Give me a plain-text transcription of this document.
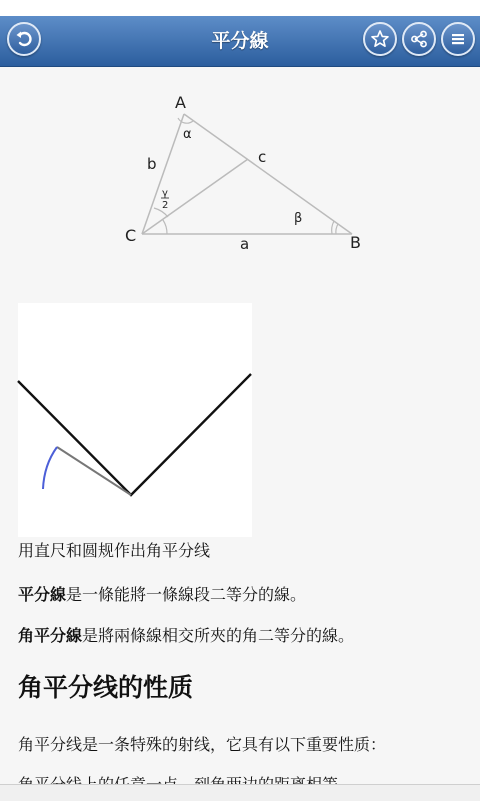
平分線
A
B
C	a
b	c
α
β
γ
2
用直尺和圆规作出角平分线
平分線是一條能將一條線段二等分的線。
角平分線是將兩條線相交所夾的角二等分的線。
角平分线的性质
角平分线是一条特殊的射线，它具有以下重要性质：
